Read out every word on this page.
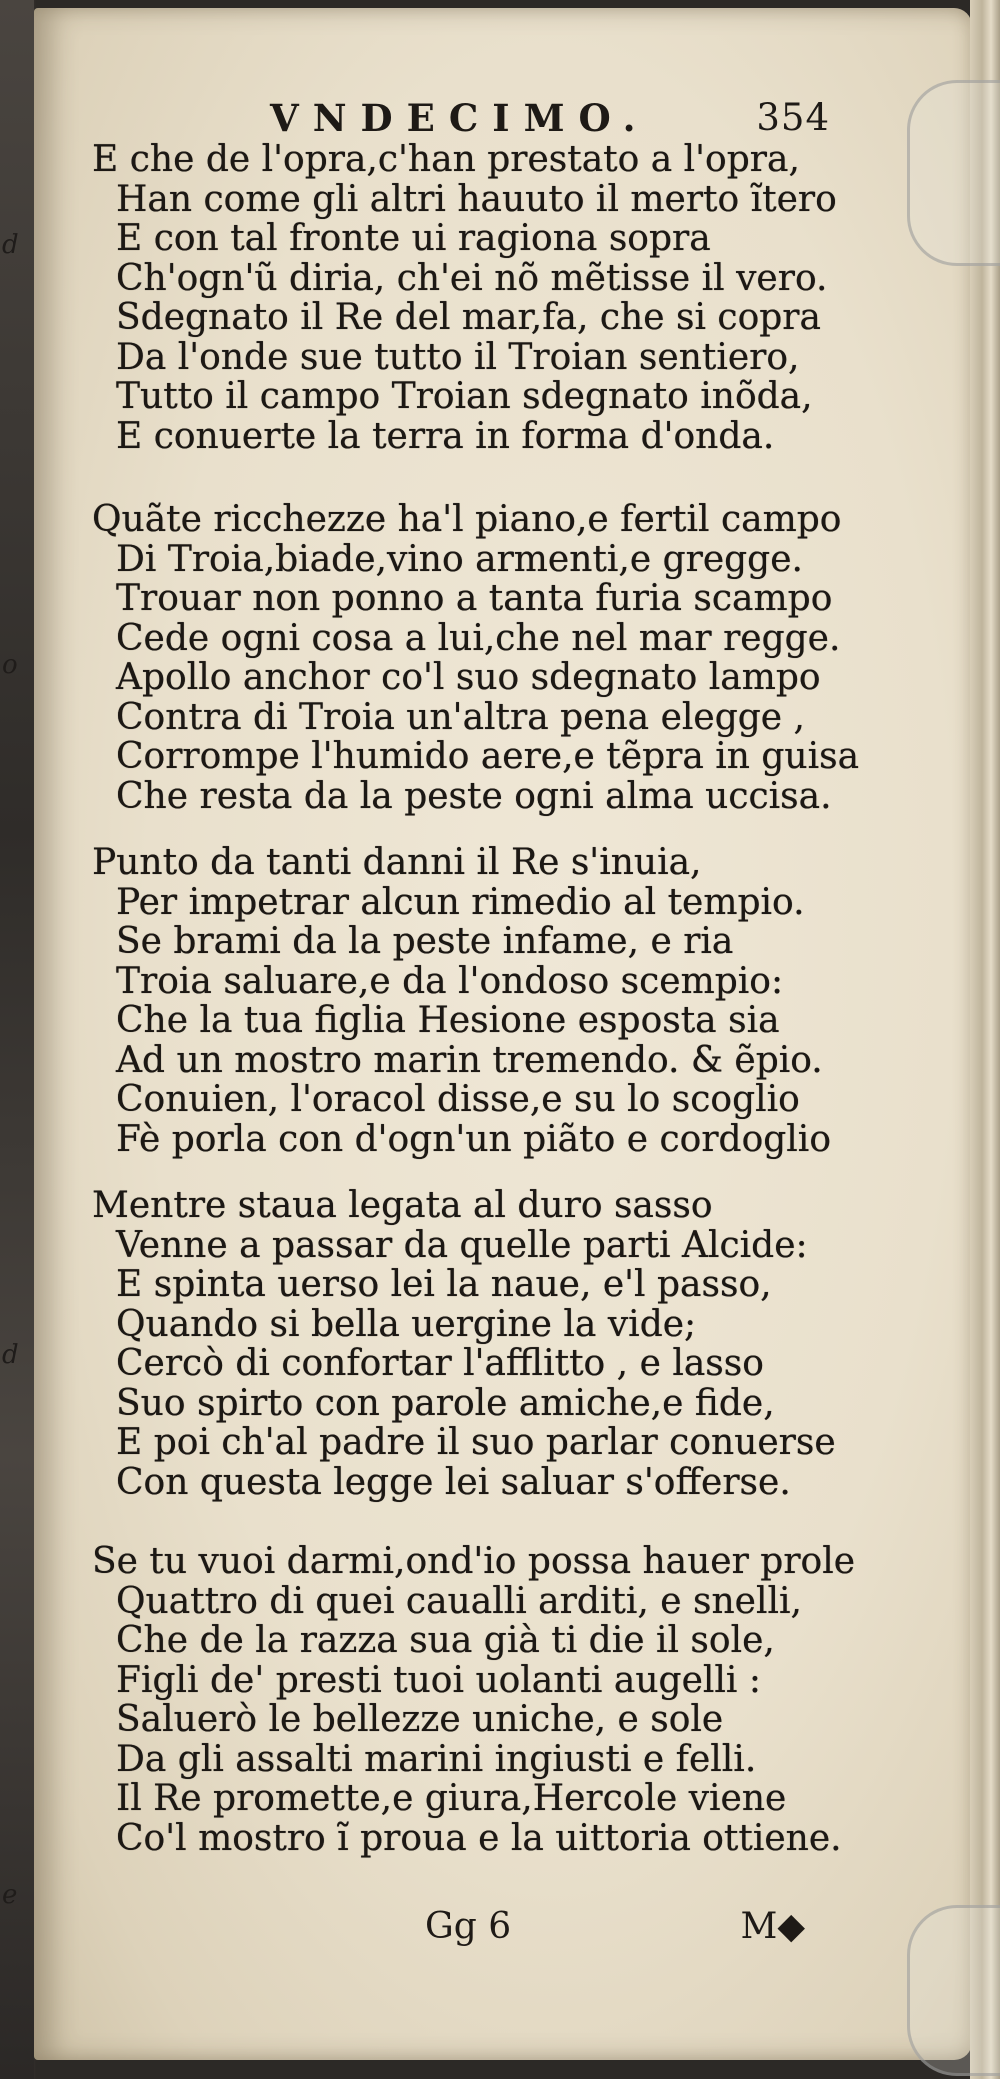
d
o
d
e
VNDECIMO.	354
E che de l'opra,c'han prestato a l'opra,
Han come gli altri hauuto il merto ĩtero
E con tal fronte ui ragiona sopra
Ch'ogn'ũ diria, ch'ei nõ mẽtisse il vero.
Sdegnato il Re del mar,fa, che si copra
Da l'onde sue tutto il Troian sentiero,
Tutto il campo Troian sdegnato inõda,
E conuerte la terra in forma d'onda.
Quãte ricchezze ha'l piano,e fertil campo
Di Troia,biade,vino armenti,e gregge.
Trouar non ponno a tanta furia scampo
Cede ogni cosa a lui,che nel mar regge.
Apollo anchor co'l suo sdegnato lampo
Contra di Troia un'altra pena elegge ,
Corrompe l'humido aere,e tẽpra in guisa
Che resta da la peste ogni alma uccisa.
Punto da tanti danni il Re s'inuia,
Per impetrar alcun rimedio al tempio.
Se brami da la peste infame, e ria
Troia saluare,e da l'ondoso scempio:
Che la tua figlia Hesione esposta sia
Ad un mostro marin tremendo. & ẽpio.
Conuien, l'oracol disse,e su lo scoglio
Fè porla con d'ogn'un piãto e cordoglio
Mentre staua legata al duro sasso
Venne a passar da quelle parti Alcide:
E spinta uerso lei la naue, e'l passo,
Quando si bella uergine la vide;
Cercò di confortar l'afflitto , e lasso
Suo spirto con parole amiche,e fide,
E poi ch'al padre il suo parlar conuerse
Con questa legge lei saluar s'offerse.
Se tu vuoi darmi,ond'io possa hauer prole
Quattro di quei caualli arditi, e snelli,
Che de la razza sua già ti die il sole,
Figli de' presti tuoi uolanti augelli :
Saluerò le bellezze uniche, e sole
Da gli assalti marini ingiusti e felli.
Il Re promette,e giura,Hercole viene
Co'l mostro ĩ proua e la uittoria ottiene.
Gg 6	M◆
